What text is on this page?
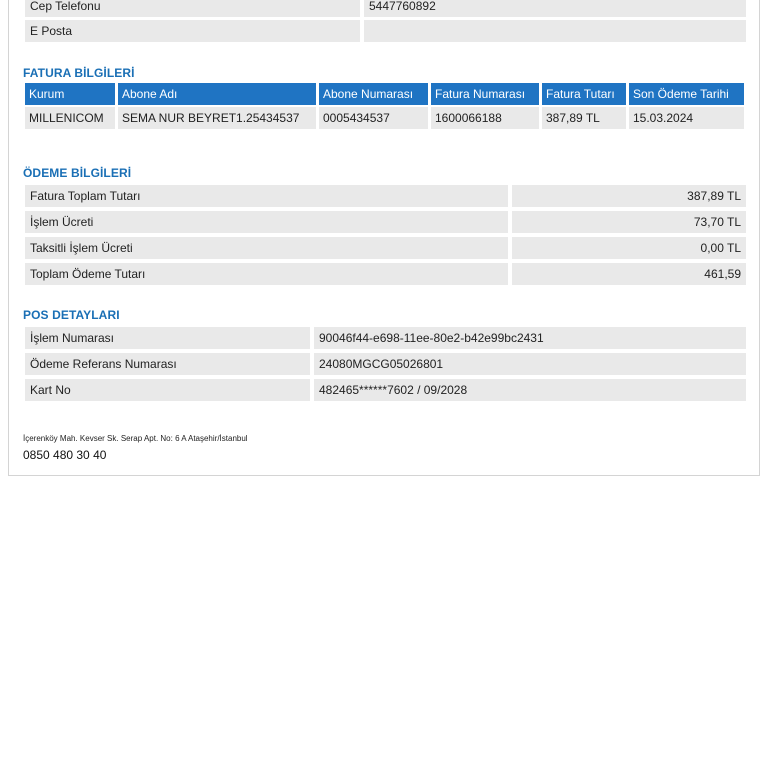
Cep Telefonu	5447760892
E Posta
FATURA BİLGİLERİ
Kurum	Abone Adı	Abone Numarası	Fatura Numarası	Fatura Tutarı	Son Ödeme Tarihi
MILLENICOM	SEMA NUR BEYRET1.25434537	0005434537	1600066188	387,89 TL	15.03.2024
ÖDEME BİLGİLERİ
Fatura Toplam Tutarı	387,89 TL
İşlem Ücreti	73,70 TL
Taksitli İşlem Ücreti	0,00 TL
Toplam Ödeme Tutarı	461,59
POS DETAYLARI
İşlem Numarası	90046f44-e698-11ee-80e2-b42e99bc2431
Ödeme Referans Numarası	24080MGCG05026801
Kart No	482465******7602 / 09/2028
İçerenköy Mah. Kevser Sk. Serap Apt. No: 6 A Ataşehir/İstanbul
0850 480 30 40
